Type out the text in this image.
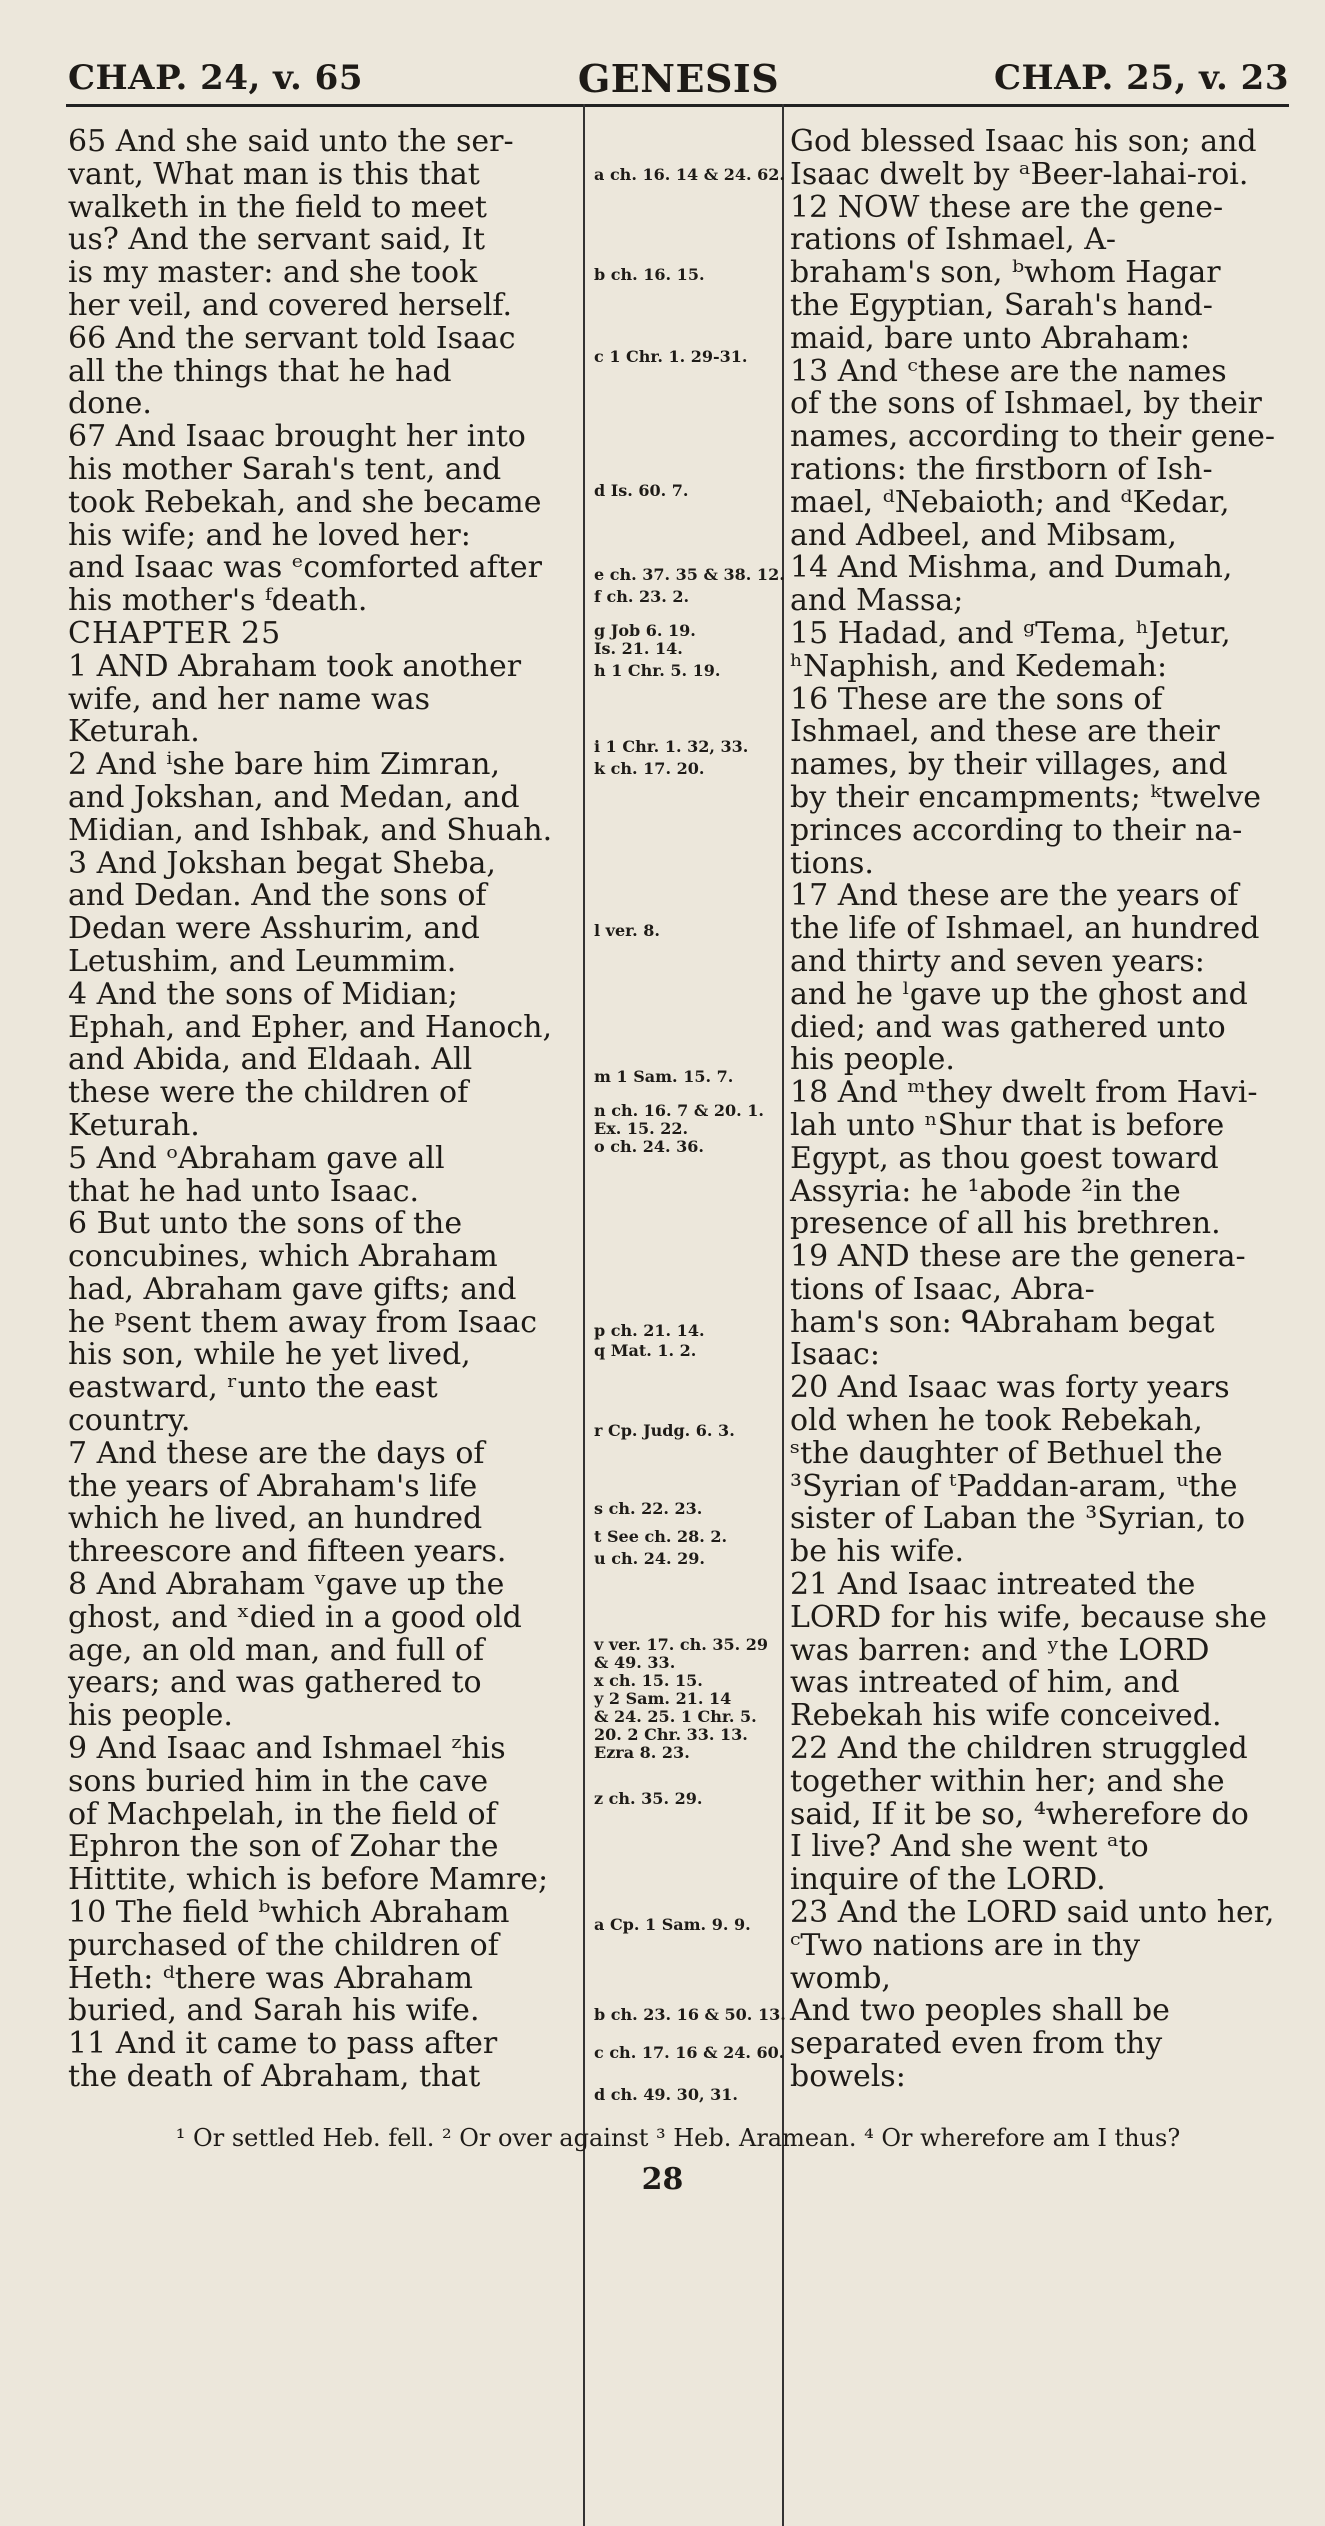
CHAP. 24, v. 65	GENESIS	CHAP. 25, v. 23

65 And she said unto the ser-

vant, What man is this that

walketh in the field to meet

us? And the servant said, It

is my master: and she took

her veil, and covered herself.

66 And the servant told Isaac

all the things that he had

done.

67 And Isaac brought her into

his mother Sarah's tent, and

took Rebekah, and she became

his wife; and he loved her:

and Isaac was ᵉcomforted after

his mother's ᶠdeath.

CHAPTER 25

1 AND Abraham took another

wife, and her name was

Keturah.

2 And ⁱshe bare him Zimran,

and Jokshan, and Medan, and

Midian, and Ishbak, and Shuah.

3 And Jokshan begat Sheba,

and Dedan. And the sons of

Dedan were Asshurim, and

Letushim, and Leummim.

4 And the sons of Midian;

Ephah, and Epher, and Hanoch,

and Abida, and Eldaah. All

these were the children of

Keturah.

5 And ᵒAbraham gave all

that he had unto Isaac.

6 But unto the sons of the

concubines, which Abraham

had, Abraham gave gifts; and

he ᵖsent them away from Isaac

his son, while he yet lived,

eastward, ʳunto the east

country.

7 And these are the days of

the years of Abraham's life

which he lived, an hundred

threescore and fifteen years.

8 And Abraham ᵛgave up the

ghost, and ˣdied in a good old

age, an old man, and full of

years; and was gathered to

his people.

9 And Isaac and Ishmael ᶻhis

sons buried him in the cave

of Machpelah, in the field of

Ephron the son of Zohar the

Hittite, which is before Mamre;

10 The field ᵇwhich Abraham

purchased of the children of

Heth: ᵈthere was Abraham

buried, and Sarah his wife.

11 And it came to pass after

the death of Abraham, that

a ch. 16. 14 & 24. 62.
b ch. 16. 15.
c 1 Chr. 1. 29-31.
d Is. 60. 7.
e ch. 37. 35 & 38. 12.
f ch. 23. 2.
g Job 6. 19.
Is. 21. 14.
h 1 Chr. 5. 19.
i 1 Chr. 1. 32, 33.
k ch. 17. 20.
l ver. 8.
m 1 Sam. 15. 7.
n ch. 16. 7 & 20. 1.
Ex. 15. 22.
o ch. 24. 36.
p ch. 21. 14.
q Mat. 1. 2.
r Cp. Judg. 6. 3.
s ch. 22. 23.
t See ch. 28. 2.
u ch. 24. 29.
v ver. 17. ch. 35. 29
& 49. 33.
x ch. 15. 15.
y 2 Sam. 21. 14
& 24. 25. 1 Chr. 5.
20. 2 Chr. 33. 13.
Ezra 8. 23.
z ch. 35. 29.
a Cp. 1 Sam. 9. 9.
b ch. 23. 16 & 50. 13.
c ch. 17. 16 & 24. 60.
d ch. 49. 30, 31.

God blessed Isaac his son; and

Isaac dwelt by ᵃBeer-lahai-roi.

12 NOW these are the gene-

rations of Ishmael, A-

braham's son, ᵇwhom Hagar

the Egyptian, Sarah's hand-

maid, bare unto Abraham:

13 And ᶜthese are the names

of the sons of Ishmael, by their

names, according to their gene-

rations: the firstborn of Ish-

mael, ᵈNebaioth; and ᵈKedar,

and Adbeel, and Mibsam,

14 And Mishma, and Dumah,

and Massa;

15 Hadad, and ᵍTema, ʰJetur,

ʰNaphish, and Kedemah:

16 These are the sons of

Ishmael, and these are their

names, by their villages, and

by their encampments; ᵏtwelve

princes according to their na-

tions.

17 And these are the years of

the life of Ishmael, an hundred

and thirty and seven years:

and he ˡgave up the ghost and

died; and was gathered unto

his people.

18 And ᵐthey dwelt from Havi-

lah unto ⁿShur that is before

Egypt, as thou goest toward

Assyria: he ¹abode ²in the

presence of all his brethren.

19 AND these are the genera-

tions of Isaac, Abra-

ham's son: ᑫAbraham begat

Isaac:

20 And Isaac was forty years

old when he took Rebekah,

ˢthe daughter of Bethuel the

³Syrian of ᵗPaddan-aram, ᵘthe

sister of Laban the ³Syrian, to

be his wife.

21 And Isaac intreated the

LORD for his wife, because she

was barren: and ʸthe LORD

was intreated of him, and

Rebekah his wife conceived.

22 And the children struggled

together within her; and she

said, If it be so, ⁴wherefore do

I live? And she went ᵃto

inquire of the LORD.

23 And the LORD said unto her,

ᶜTwo nations are in thy

womb,

And two peoples shall be

separated even from thy

bowels:

¹ Or settled Heb. fell. ² Or over against ³ Heb. Aramean. ⁴ Or wherefore am I thus?
28
